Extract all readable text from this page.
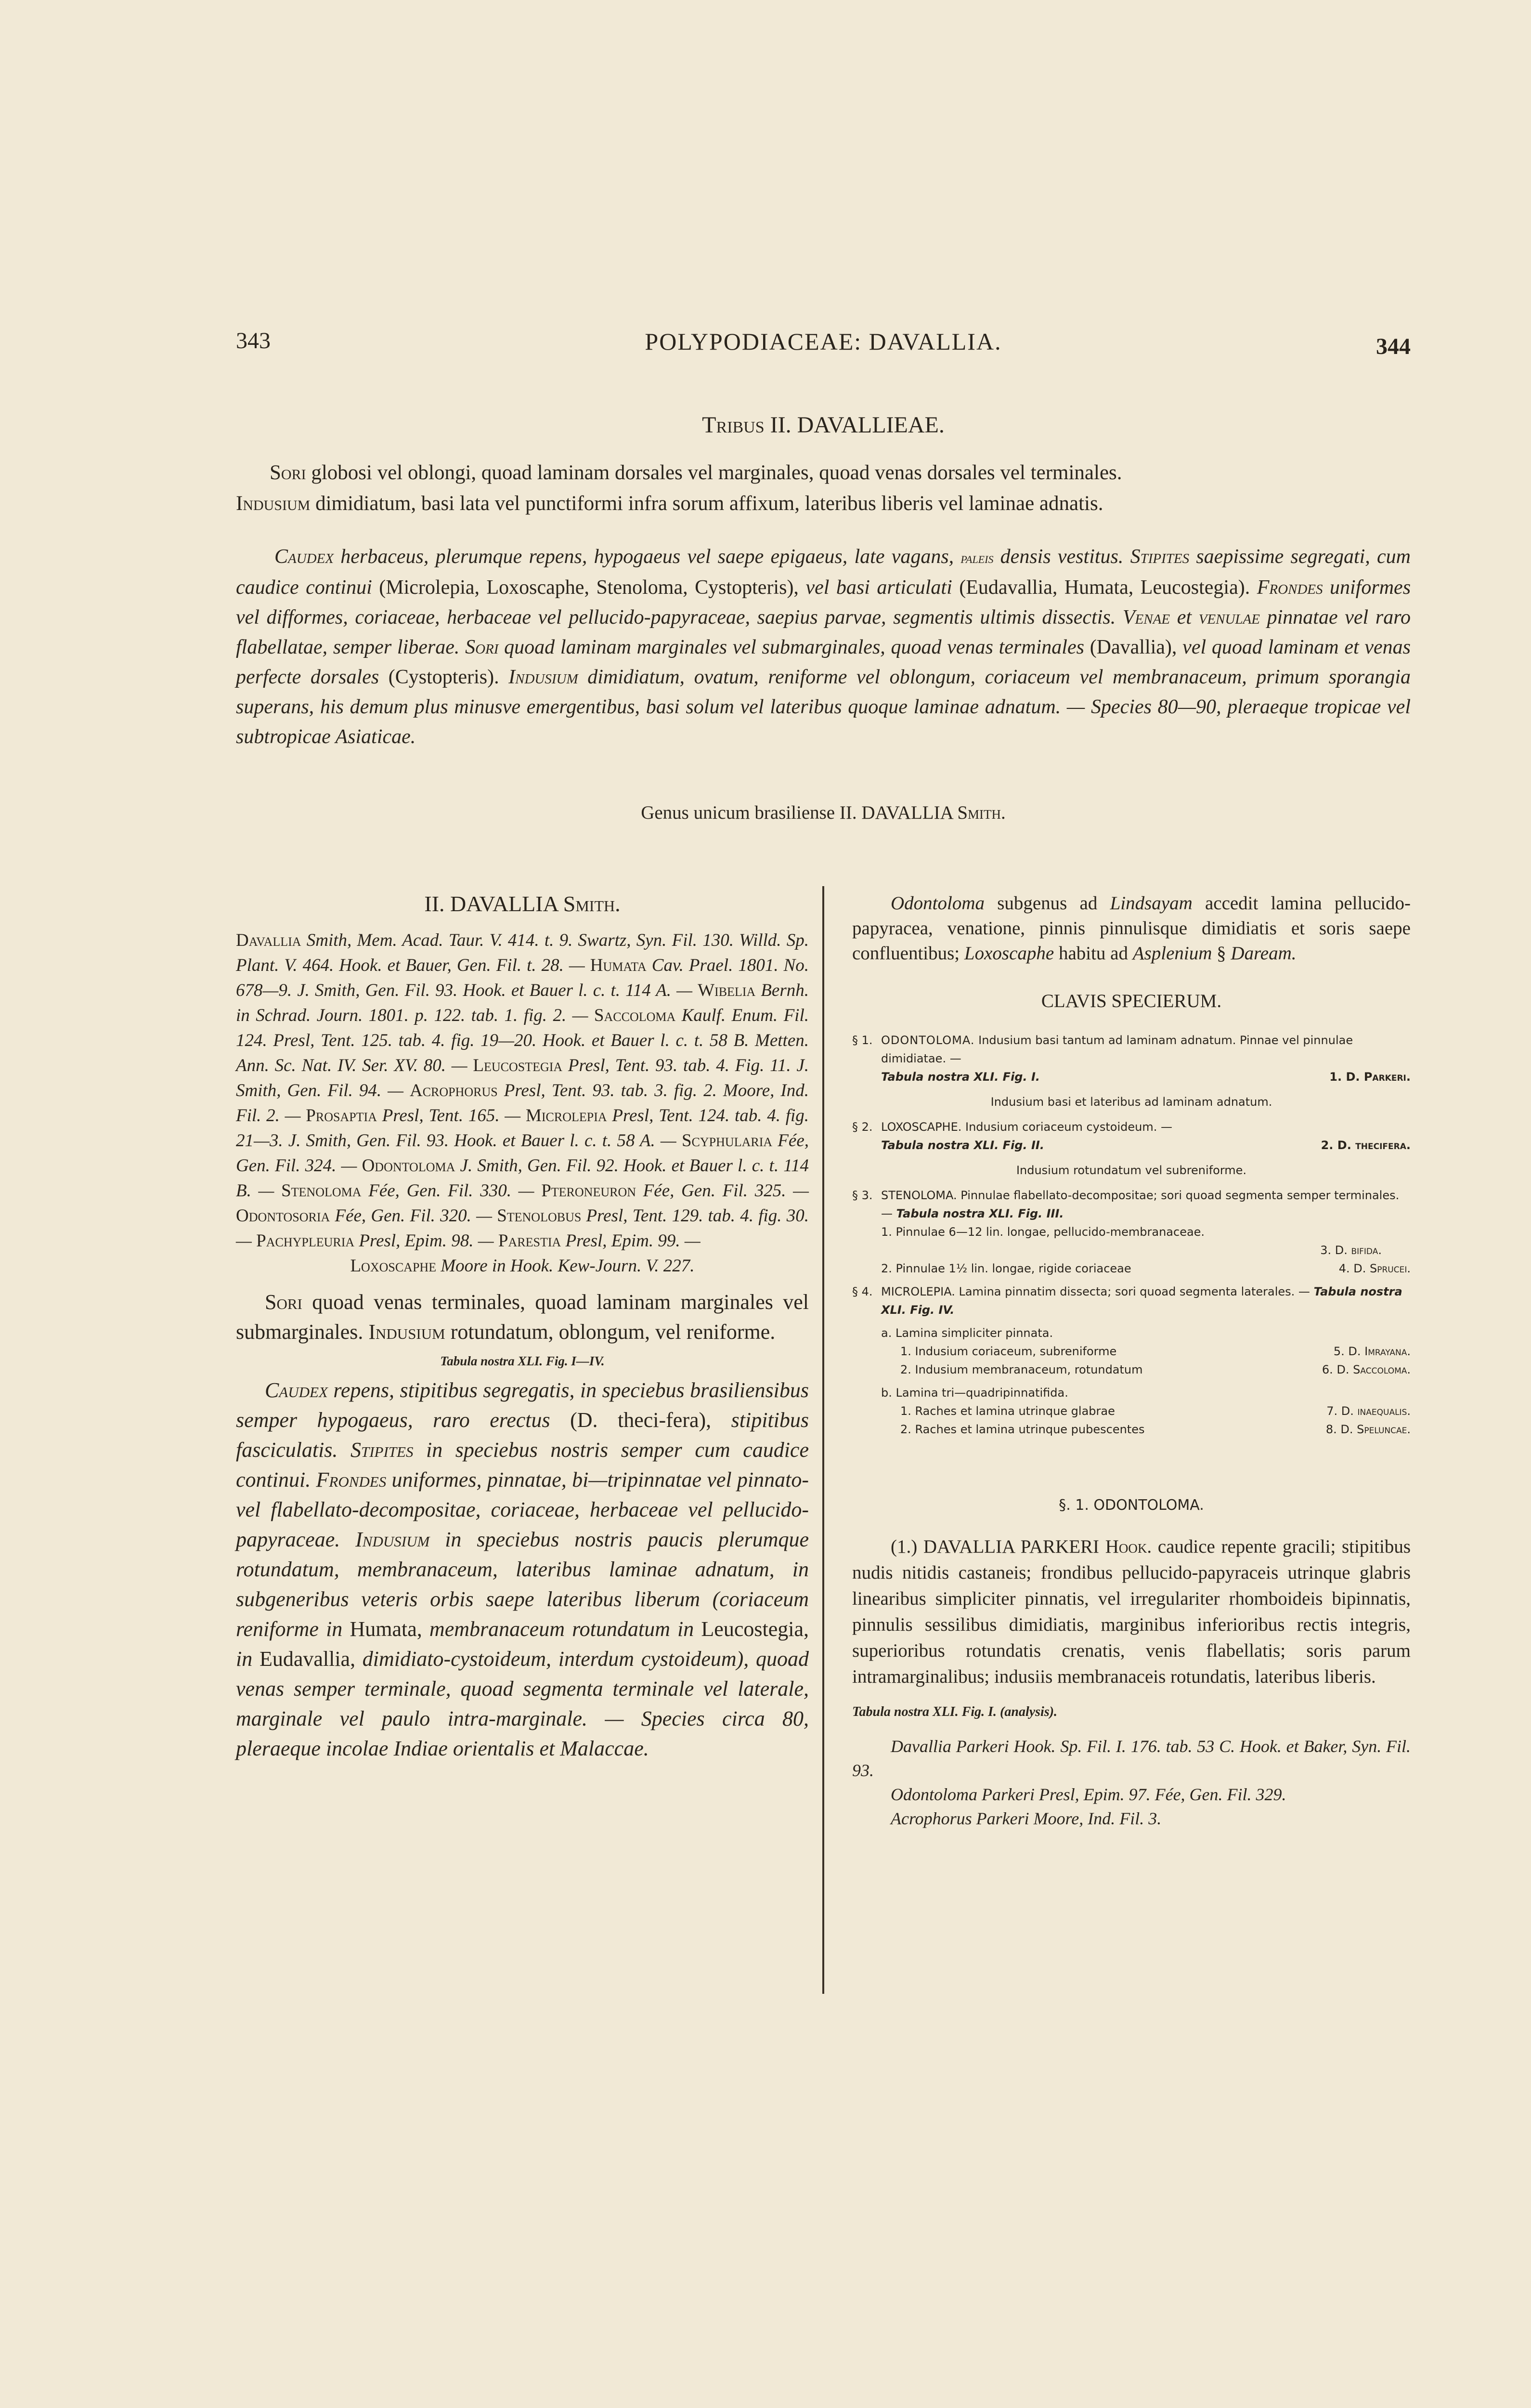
343	POLYPODIACEAE: DAVALLIA.	344
Tribus II. DAVALLIEAE.
Sori globosi vel oblongi, quoad laminam dorsales vel marginales, quoad venas dorsales vel terminales.
Indusium dimidiatum, basi lata vel punctiformi infra sorum affixum, lateribus liberis vel laminae adnatis.
Caudex herbaceus, plerumque repens, hypogaeus vel saepe epigaeus, late vagans, paleis densis vestitus. Stipites saepissime segregati, cum caudice continui (Microlepia, Loxoscaphe, Stenoloma, Cystopteris), vel basi articulati (Eudavallia, Humata, Leucostegia). Frondes uniformes vel difformes, coriaceae, herbaceae vel pellucido-papyraceae, saepius parvae, segmentis ultimis dissectis. Venae et venulae pinnatae vel raro flabellatae, semper liberae. Sori quoad laminam marginales vel submarginales, quoad venas terminales (Davallia), vel quoad laminam et venas perfecte dorsales (Cystopteris). Indusium dimidiatum, ovatum, reniforme vel oblongum, coriaceum vel membranaceum, primum sporangia superans, his demum plus minusve emergentibus, basi solum vel lateribus quoque laminae adnatum. — Species 80—90, pleraeque tropicae vel subtropicae Asiaticae.
Genus unicum brasiliense II. DAVALLIA Smith.
II. DAVALLIA Smith.

Davallia Smith, Mem. Acad. Taur. V. 414. t. 9. Swartz, Syn. Fil. 130. Willd. Sp. Plant. V. 464. Hook. et Bauer, Gen. Fil. t. 28. — Humata Cav. Prael. 1801. No. 678—9. J. Smith, Gen. Fil. 93. Hook. et Bauer l. c. t. 114 A. — Wibelia Bernh. in Schrad. Journ. 1801. p. 122. tab. 1. fig. 2. — Saccoloma Kaulf. Enum. Fil. 124. Presl, Tent. 125. tab. 4. fig. 19—20. Hook. et Bauer l. c. t. 58 B. Metten. Ann. Sc. Nat. IV. Ser. XV. 80. — Leucostegia Presl, Tent. 93. tab. 4. Fig. 11. J. Smith, Gen. Fil. 94. — Acrophorus Presl, Tent. 93. tab. 3. fig. 2. Moore, Ind. Fil. 2. — Prosaptia Presl, Tent. 165. — Microlepia Presl, Tent. 124. tab. 4. fig. 21—3. J. Smith, Gen. Fil. 93. Hook. et Bauer l. c. t. 58 A. — Scyphularia Fée, Gen. Fil. 324. — Odontoloma J. Smith, Gen. Fil. 92. Hook. et Bauer l. c. t. 114 B. — Stenoloma Fée, Gen. Fil. 330. — Pteroneuron Fée, Gen. Fil. 325. — Odontosoria Fée, Gen. Fil. 320. — Stenolobus Presl, Tent. 129. tab. 4. fig. 30. — Pachypleuria Presl, Epim. 98. — Parestia Presl, Epim. 99. —

Loxoscaphe Moore in Hook. Kew-Journ. V. 227.

Sori quoad venas terminales, quoad laminam marginales vel submarginales. Indusium rotundatum, oblongum, vel reniforme.

Tabula nostra XLI. Fig. I—IV.

Caudex repens, stipitibus segregatis, in speciebus brasiliensibus semper hypogaeus, raro erectus (D. theci-fera), stipitibus fasciculatis. Stipites in speciebus nostris semper cum caudice continui. Frondes uniformes, pinnatae, bi—tripinnatae vel pinnato- vel flabellato-decompositae, coriaceae, herbaceae vel pellucido-papyraceae. Indusium in speciebus nostris paucis plerumque rotundatum, membranaceum, lateribus laminae adnatum, in subgeneribus veteris orbis saepe lateribus liberum (coriaceum reniforme in Humata, membranaceum rotundatum in Leucostegia, in Eudavallia, dimidiato-cystoideum, interdum cystoideum), quoad venas semper terminale, quoad segmenta terminale vel laterale, marginale vel paulo intra-marginale. — Species circa 80, pleraeque incolae Indiae orientalis et Malaccae.

Odontoloma subgenus ad Lindsayam accedit lamina pellucido-papyracea, venatione, pinnis pinnulisque dimidiatis et soris saepe confluentibus; Loxoscaphe habitu ad Asplenium § Daream.

CLAVIS SPECIERUM.
§ 1. ODONTOLOMA. Indusium basi tantum ad laminam adnatum. Pinnae vel pinnulae dimidiatae. —
Tabula nostra XLI. Fig. I.	1. D. Parkeri.
Indusium basi et lateribus ad laminam adnatum.
§ 2. LOXOSCAPHE. Indusium coriaceum cystoideum. —
Tabula nostra XLI. Fig. II.	2. D. thecifera.
Indusium rotundatum vel subreniforme.
§ 3. STENOLOMA. Pinnulae flabellato-decompositae; sori quoad segmenta semper terminales. — Tabula nostra XLI. Fig. III.
1. Pinnulae 6—12 lin. longae, pellucido-membranaceae.
3. D. bifida.
2. Pinnulae 1½ lin. longae, rigide coriaceae	4. D. Sprucei.
§ 4. MICROLEPIA. Lamina pinnatim dissecta; sori quoad segmenta laterales. — Tabula nostra XLI. Fig. IV.
a. Lamina simpliciter pinnata.
1. Indusium coriaceum, subreniforme	5. D. Imrayana.
2. Indusium membranaceum, rotundatum	6. D. Saccoloma.
b. Lamina tri—quadripinnatifida.
1. Raches et lamina utrinque glabrae	7. D. inaequalis.
2. Raches et lamina utrinque pubescentes	8. D. Speluncae.
§. 1. ODONTOLOMA.

(1.) DAVALLIA PARKERI Hook. caudice repente gracili; stipitibus nudis nitidis castaneis; frondibus pellucido-papyraceis utrinque glabris linearibus simpliciter pinnatis, vel irregulariter rhomboideis bipinnatis, pinnulis sessilibus dimidiatis, marginibus inferioribus rectis integris, superioribus rotundatis crenatis, venis flabellatis; soris parum intramarginalibus; indusiis membranaceis rotundatis, lateribus liberis.

Tabula nostra XLI. Fig. I. (analysis).

Davallia Parkeri Hook. Sp. Fil. I. 176. tab. 53 C. Hook. et Baker, Syn. Fil. 93.

Odontoloma Parkeri Presl, Epim. 97. Fée, Gen. Fil. 329.

Acrophorus Parkeri Moore, Ind. Fil. 3.
